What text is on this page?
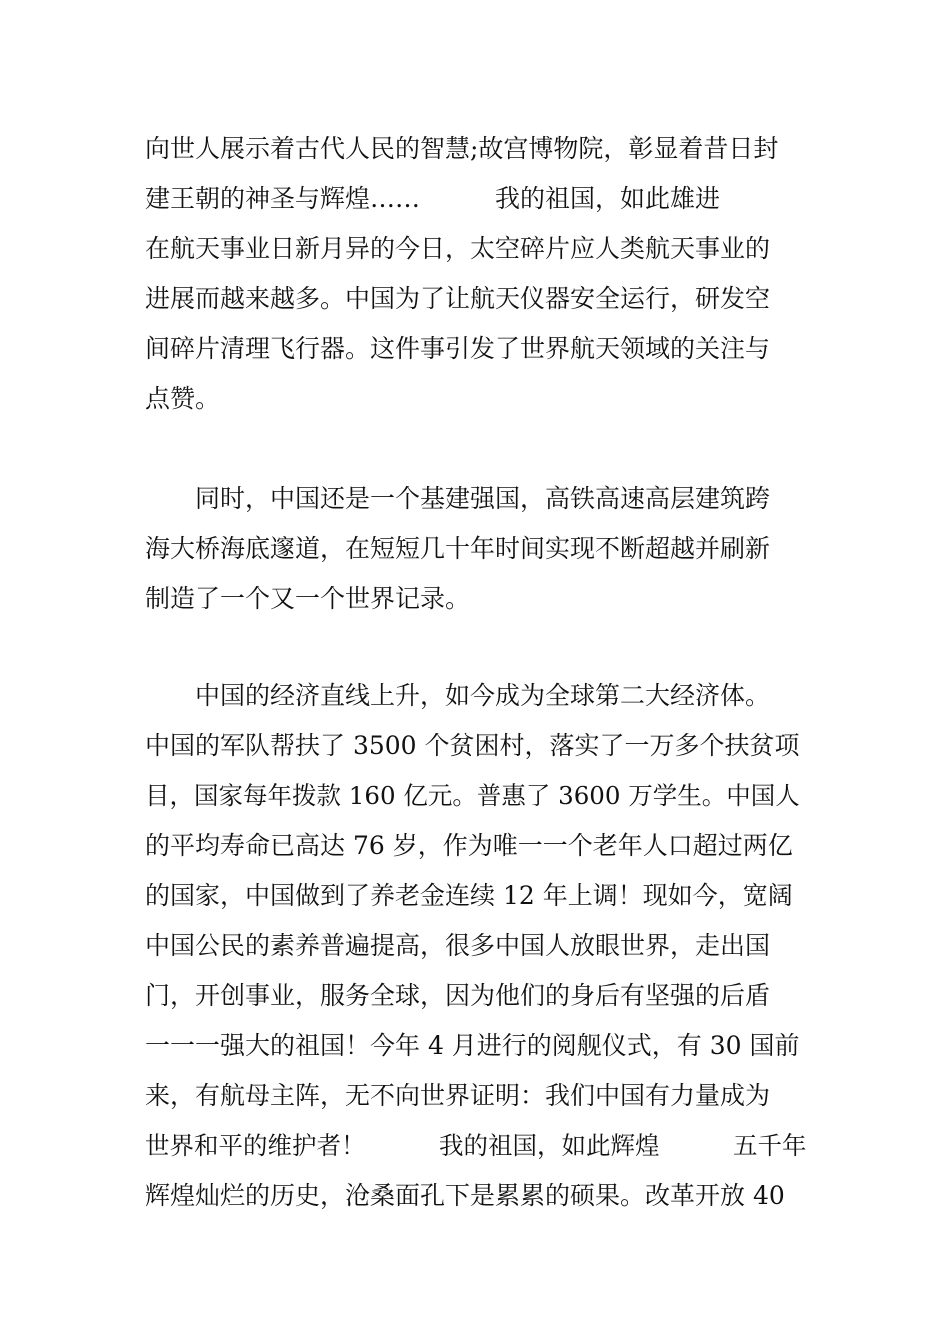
向世人展示着古代人民的智慧;故宫博物院，彰显着昔日封
建王朝的神圣与辉煌……　　　我的祖国，如此雄进
在航天事业日新月异的今日，太空碎片应人类航天事业的
进展而越来越多。中国为了让航天仪器安全运行，研发空
间碎片清理飞行器。这件事引发了世界航天领域的关注与
点赞。
　　同时，中国还是一个基建强国，高铁高速高层建筑跨
海大桥海底邃道，在短短几十年时间实现不断超越并刷新
制造了一个又一个世界记录。
　　中国的经济直线上升，如今成为全球第二大经济体。
中国的军队帮扶了 3500 个贫困村，落实了一万多个扶贫项
目，国家每年拨款 160 亿元。普惠了 3600 万学生。中国人
的平均寿命已高达 76 岁，作为唯一一个老年人口超过两亿
的国家，中国做到了养老金连续 12 年上调！现如今，宽阔
中国公民的素养普遍提高，很多中国人放眼世界，走出国
门，开创事业，服务全球，因为他们的身后有坚强的后盾
一一一强大的祖国！今年 4 月进行的阅舰仪式，有 30 国前
来，有航母主阵，无不向世界证明：我们中国有力量成为
世界和平的维护者！　　　我的祖国，如此辉煌　　　五千年
辉煌灿烂的历史，沧桑面孔下是累累的硕果。改革开放 40
